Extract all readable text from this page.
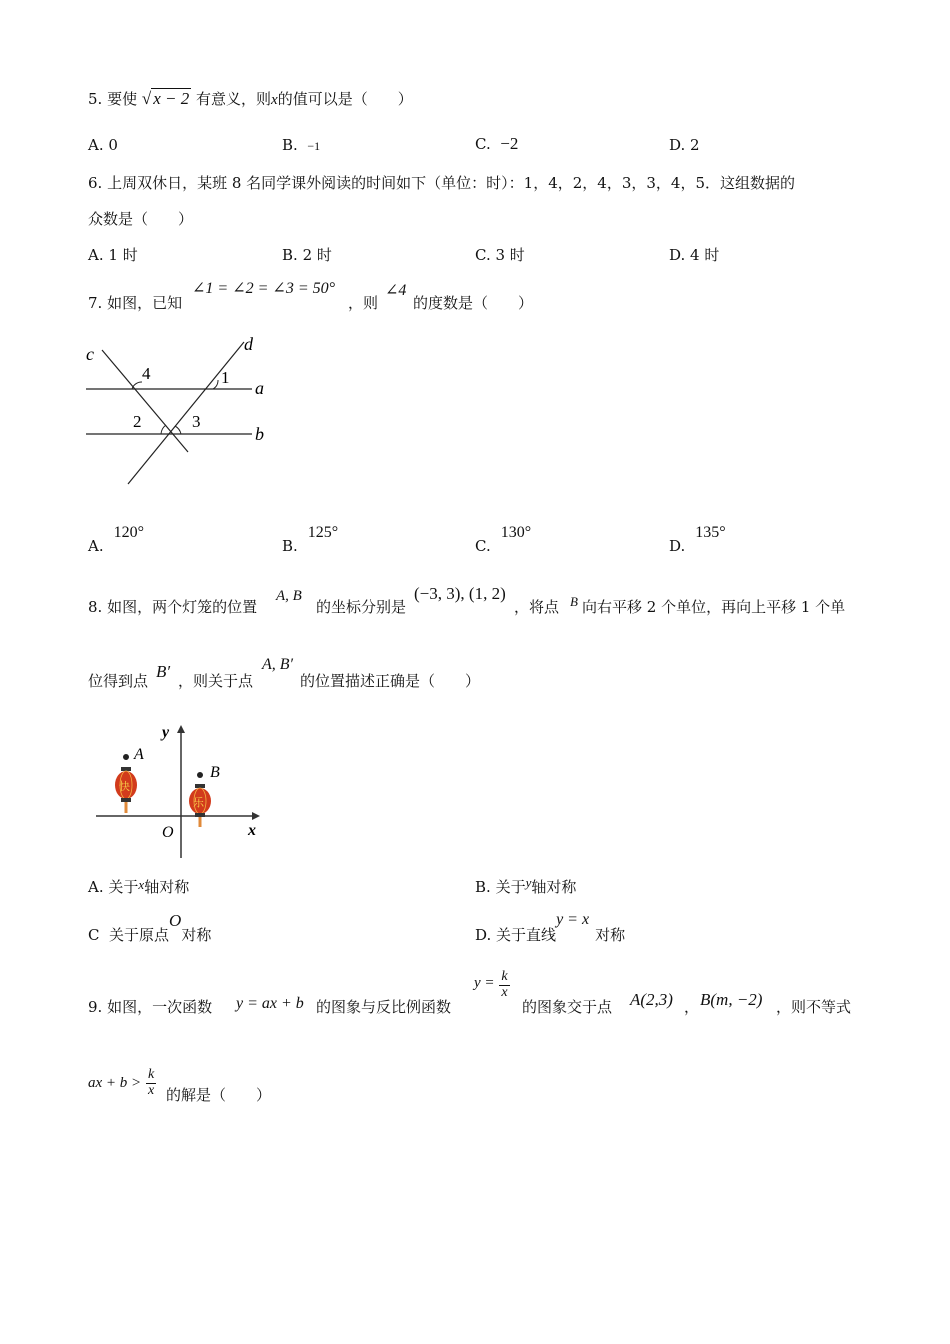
5. 要使 √ x − 2 有意义，则x的值可以是（　　）
A. 0	B. −1	C. −2	D. 2
6. 上周双休日，某班 8 名同学课外阅读的时间如下（单位：时）：1，4，2，4，3，3，4，5．这组数据的
众数是（　　）
A. 1 时	B. 2 时	C. 3 时	D. 4 时
7. 如图，已知
∠1 = ∠2 = ∠3 = 50°
，则
∠4
的度数是（　　）
c	d
a
b
4	1
2	3
A.120°
B.125°
C.130°
D.135°
8. 如图，两个灯笼的位置
A, B
的坐标分别是
(−3, 3), (1, 2)
，将点 B 向右平移 2 个单位，再向上平移 1 个单
位得到点 B′ ，则关于点
A, B′
的位置描述正确是（　　）
y
x
O
A
B
快
乐
A. 关于x轴对称	B. 关于y轴对称
C 关于原点O对称	D. 关于直线y = x对称
9. 如图，一次函数 y = ax + b 的图象与反比例函数
$y = \frac{k}{x}$
的图象交于点 A(2,3) ， B(m, −2) ，则不等式
ax + $b > \frac{k}{x}$ 的解是（　　）
